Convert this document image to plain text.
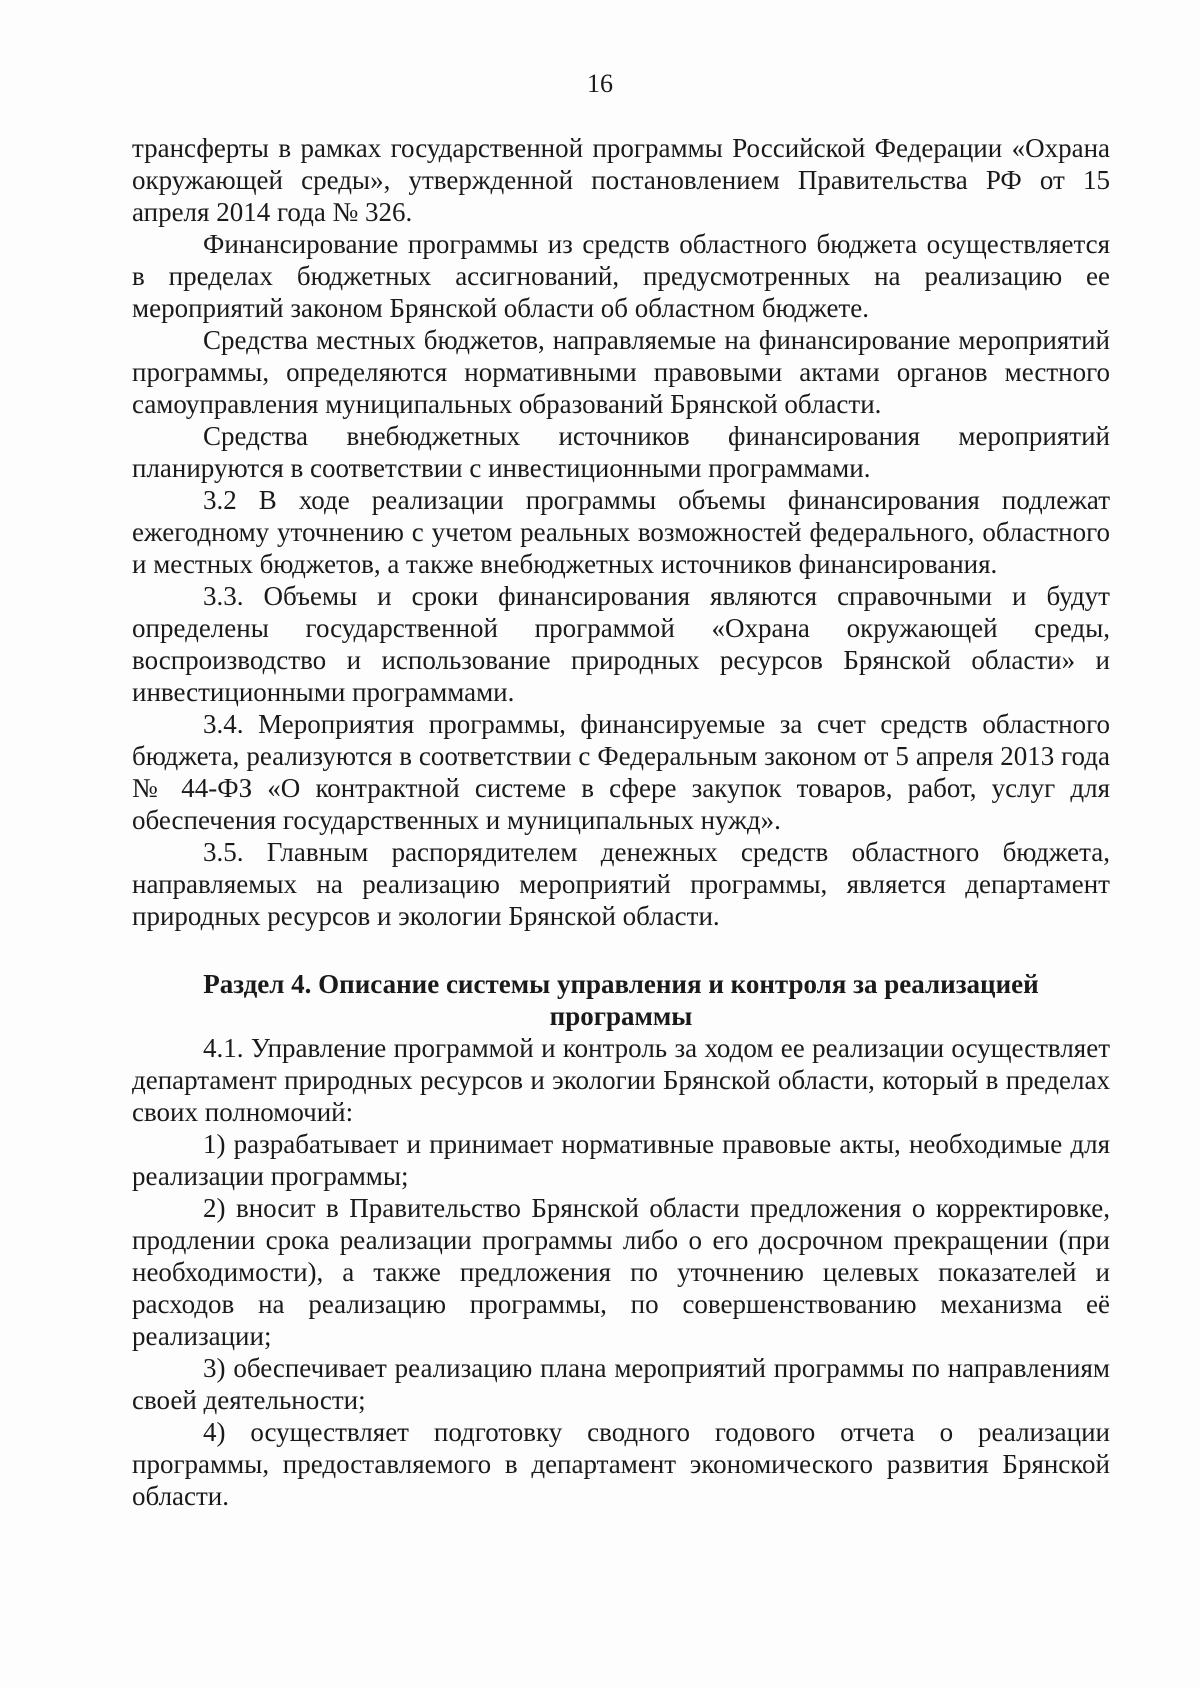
16

трансферты в рамках государственной программы Российской Федерации «Охрана окружающей среды», утвержденной постановлением Правительства РФ от 15 апреля 2014 года № 326.

Финансирование программы из средств областного бюджета осуществляется в пределах бюджетных ассигнований, предусмотренных на реализацию ее мероприятий законом Брянской области об областном бюджете.

Средства местных бюджетов, направляемые на финансирование мероприятий программы, определяются нормативными правовыми актами органов местного самоуправления муниципальных образований Брянской области.

Средства внебюджетных источников финансирования мероприятий планируются в соответствии с инвестиционными программами.

3.2 В ходе реализации программы объемы финансирования подлежат ежегодному уточнению с учетом реальных возможностей федерального, областного и местных бюджетов, а также внебюджетных источников финансирования.

3.3. Объемы и сроки финансирования являются справочными и будут определены государственной программой «Охрана окружающей среды, воспроизводство и использование природных ресурсов Брянской области» и инвестиционными программами.

3.4. Мероприятия программы, финансируемые за счет средств областного бюджета, реализуются в соответствии с Федеральным законом от 5 апреля 2013 года № 44-ФЗ «О контрактной системе в сфере закупок товаров, работ, услуг для обеспечения государственных и муниципальных нужд».

3.5. Главным распорядителем денежных средств областного бюджета, направляемых на реализацию мероприятий программы, является департамент природных ресурсов и экологии Брянской области.

Раздел 4. Описание системы управления и контроля за реализацией программы

4.1. Управление программой и контроль за ходом ее реализации осуществляет департамент природных ресурсов и экологии Брянской области, который в пределах своих полномочий:

1) разрабатывает и принимает нормативные правовые акты, необходимые для реализации программы;

2) вносит в Правительство Брянской области предложения о корректировке, продлении срока реализации программы либо о его досрочном прекращении (при необходимости), а также предложения по уточнению целевых показателей и расходов на реализацию программы, по совершенствованию механизма её реализации;

3) обеспечивает реализацию плана мероприятий программы по направлениям своей деятельности;

4) осуществляет подготовку сводного годового отчета о реализации программы, предоставляемого в департамент экономического развития Брянской области.
